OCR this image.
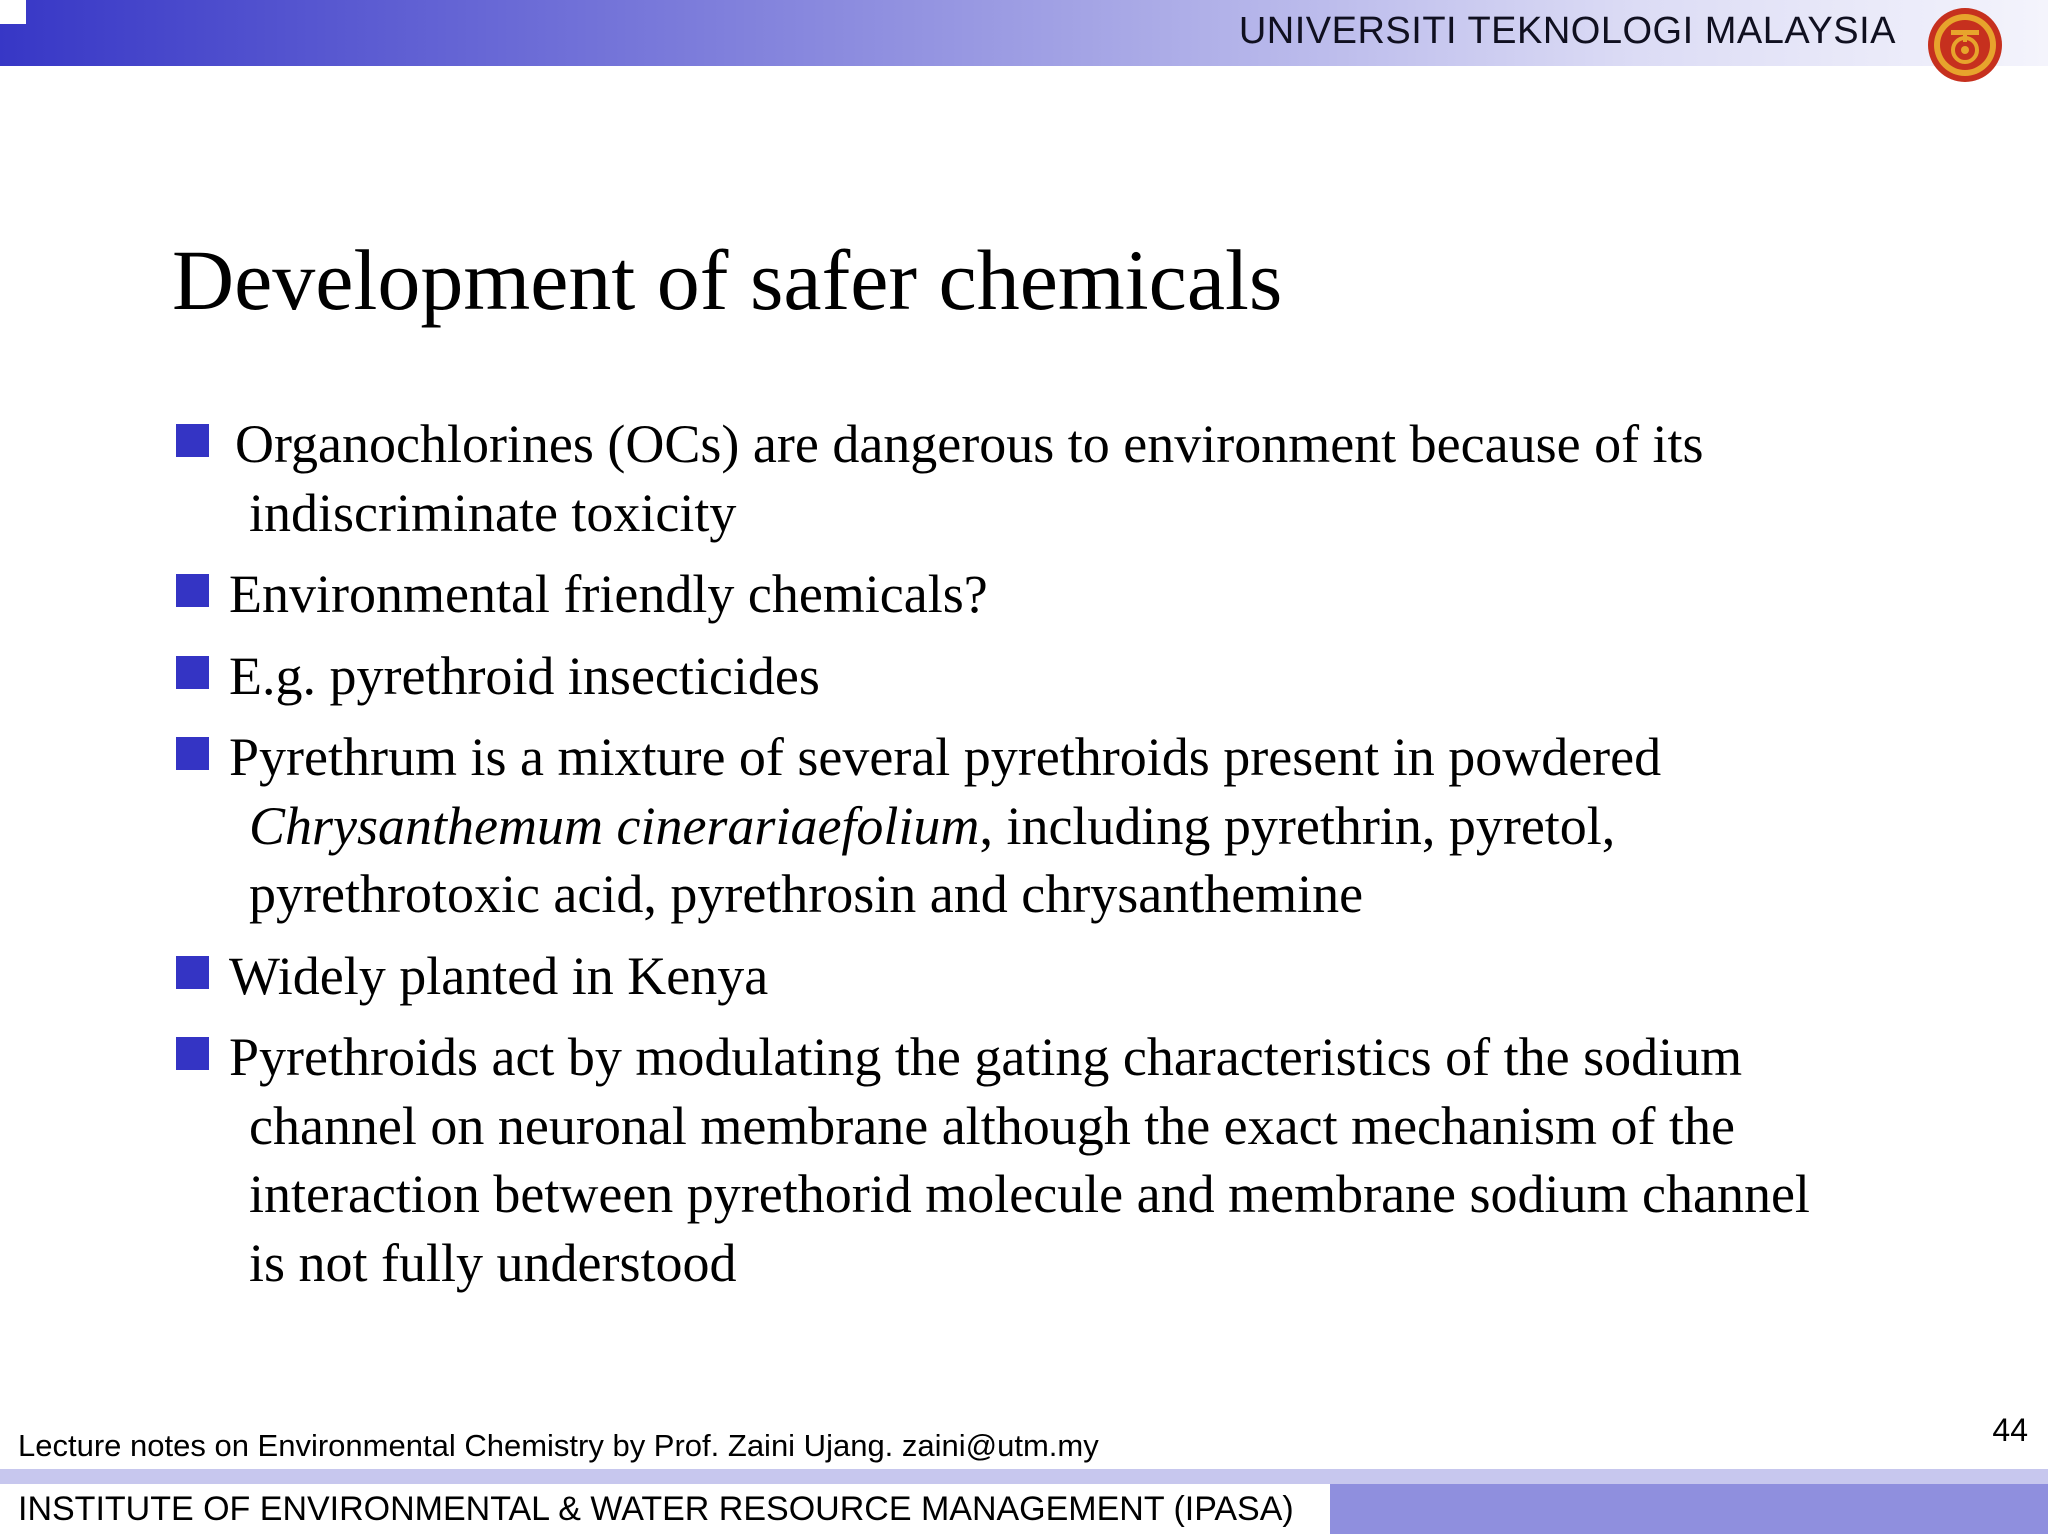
UNIVERSITI TEKNOLOGI MALAYSIA
Development of safer chemicals
Organochlorines (OCs) are dangerous to environment because of its
indiscriminate toxicity
Environmental friendly chemicals?
E.g. pyrethroid insecticides
Pyrethrum is a mixture of several pyrethroids present in powdered
Chrysanthemum cinerariaefolium, including pyrethrin, pyretol,
pyrethrotoxic acid, pyrethrosin and chrysanthemine
Widely planted in Kenya
Pyrethroids act by modulating the gating characteristics of the sodium
channel on neuronal membrane although the exact mechanism of the
interaction between pyrethorid molecule and membrane sodium channel
is not fully understood
Lecture notes on Environmental Chemistry by Prof. Zaini Ujang. zaini@utm.my	44
INSTITUTE OF ENVIRONMENTAL & WATER RESOURCE MANAGEMENT (IPASA)
